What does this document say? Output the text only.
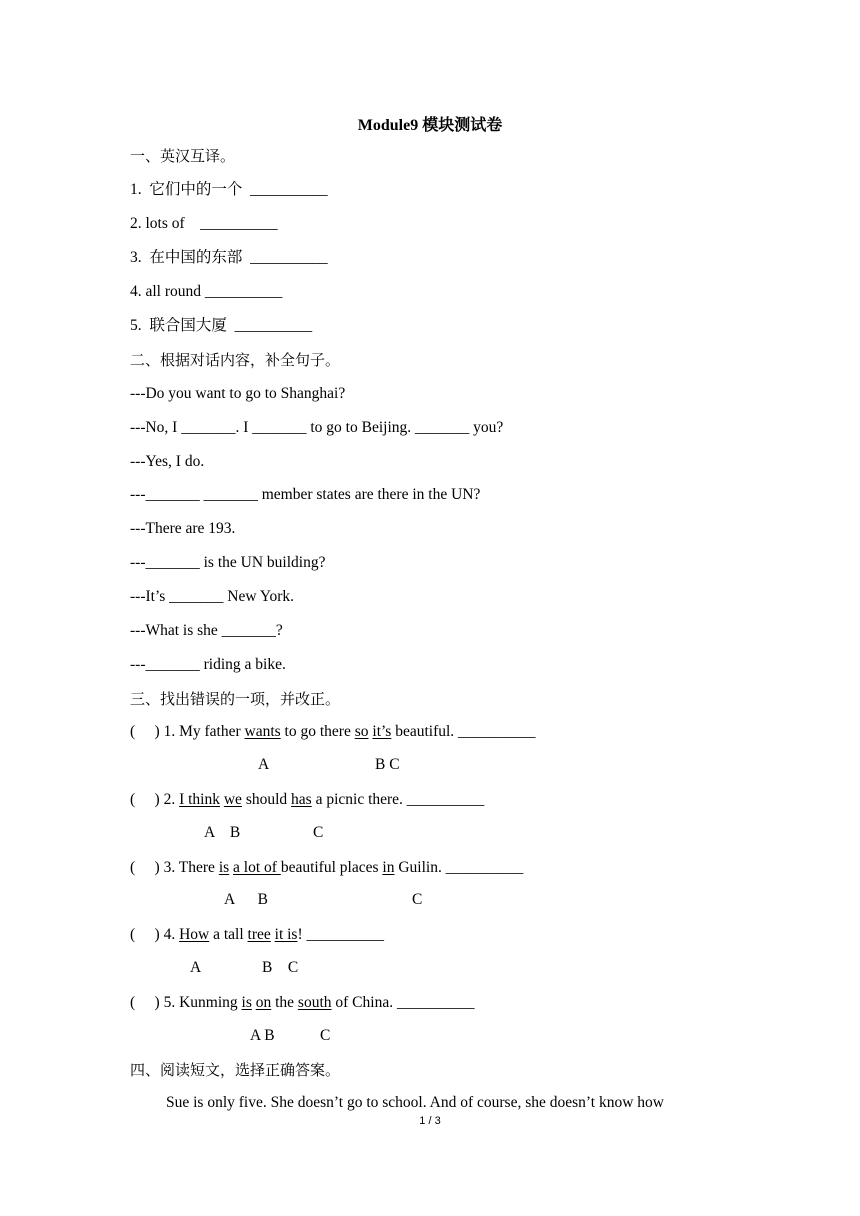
Module9 模块测试卷
一、英汉互译。
1.  它们中的一个  __________
2. lots of    __________
3.  在中国的东部  __________
4. all round __________
5.  联合国大厦  __________
二、根据对话内容，补全句子。
---Do you want to go to Shanghai?
---No, I _______. I _______ to go to Beijing. _______ you?
---Yes, I do.
---_______ _______ member states are there in the UN?
---There are 193.
---_______ is the UN building?
---It’s _______ New York.
---What is she _______?
---_______ riding a bike.
三、找出错误的一项，并改正。
(     ) 1. My father wants to go there so it’s beautiful. __________
A	B C
(     ) 2. I think we should has a picnic there. __________
A    B	C
(     ) 3. There is a lot of beautiful places in Guilin. __________
A      B	C
(     ) 4. How a tall tree it is! __________
A	B    C
(     ) 5. Kunming is on the south of China. __________
A B	C
四、阅读短文，选择正确答案。
Sue is only five. She doesn’t go to school. And of course, she doesn’t know how
1 / 3
